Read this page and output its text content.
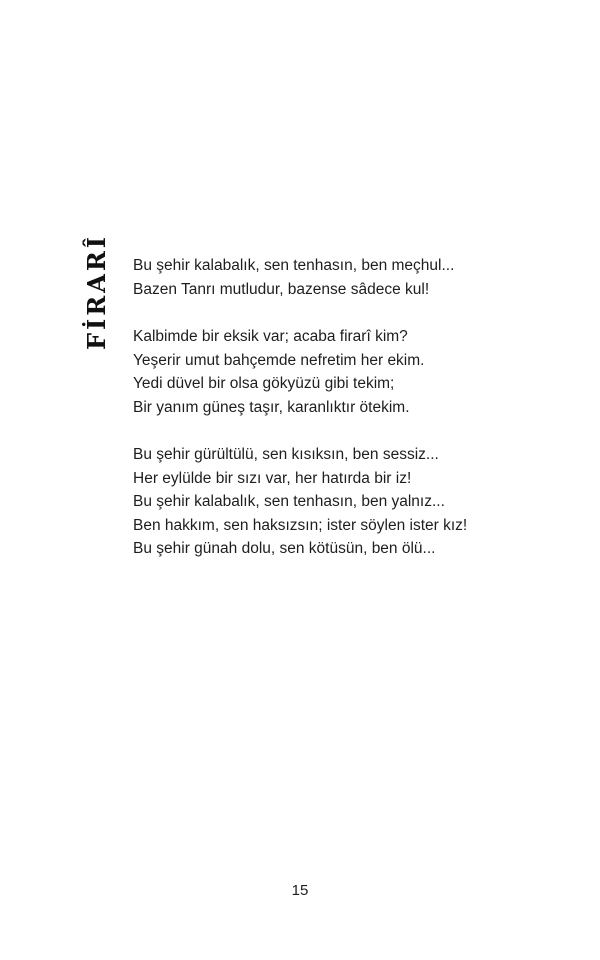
FİRARÎ Bu şehir kalabalık, sen tenhasın, ben meçhul...
Bazen Tanrı mutludur, bazense sâdece kul!
Kalbimde bir eksik var; acaba firarî kim?
Yeşerir umut bahçemde nefretim her ekim.
Yedi düvel bir olsa gökyüzü gibi tekim;
Bir yanım güneş taşır, karanlıktır ötekim.
Bu şehir gürültülü, sen kısıksın, ben sessiz...
Her eylülde bir sızı var, her hatırda bir iz!
Bu şehir kalabalık, sen tenhasın, ben yalnız...
Ben hakkım, sen haksızsın; ister söylen ister kız!
Bu şehir günah dolu, sen kötüsün, ben ölü...
15
